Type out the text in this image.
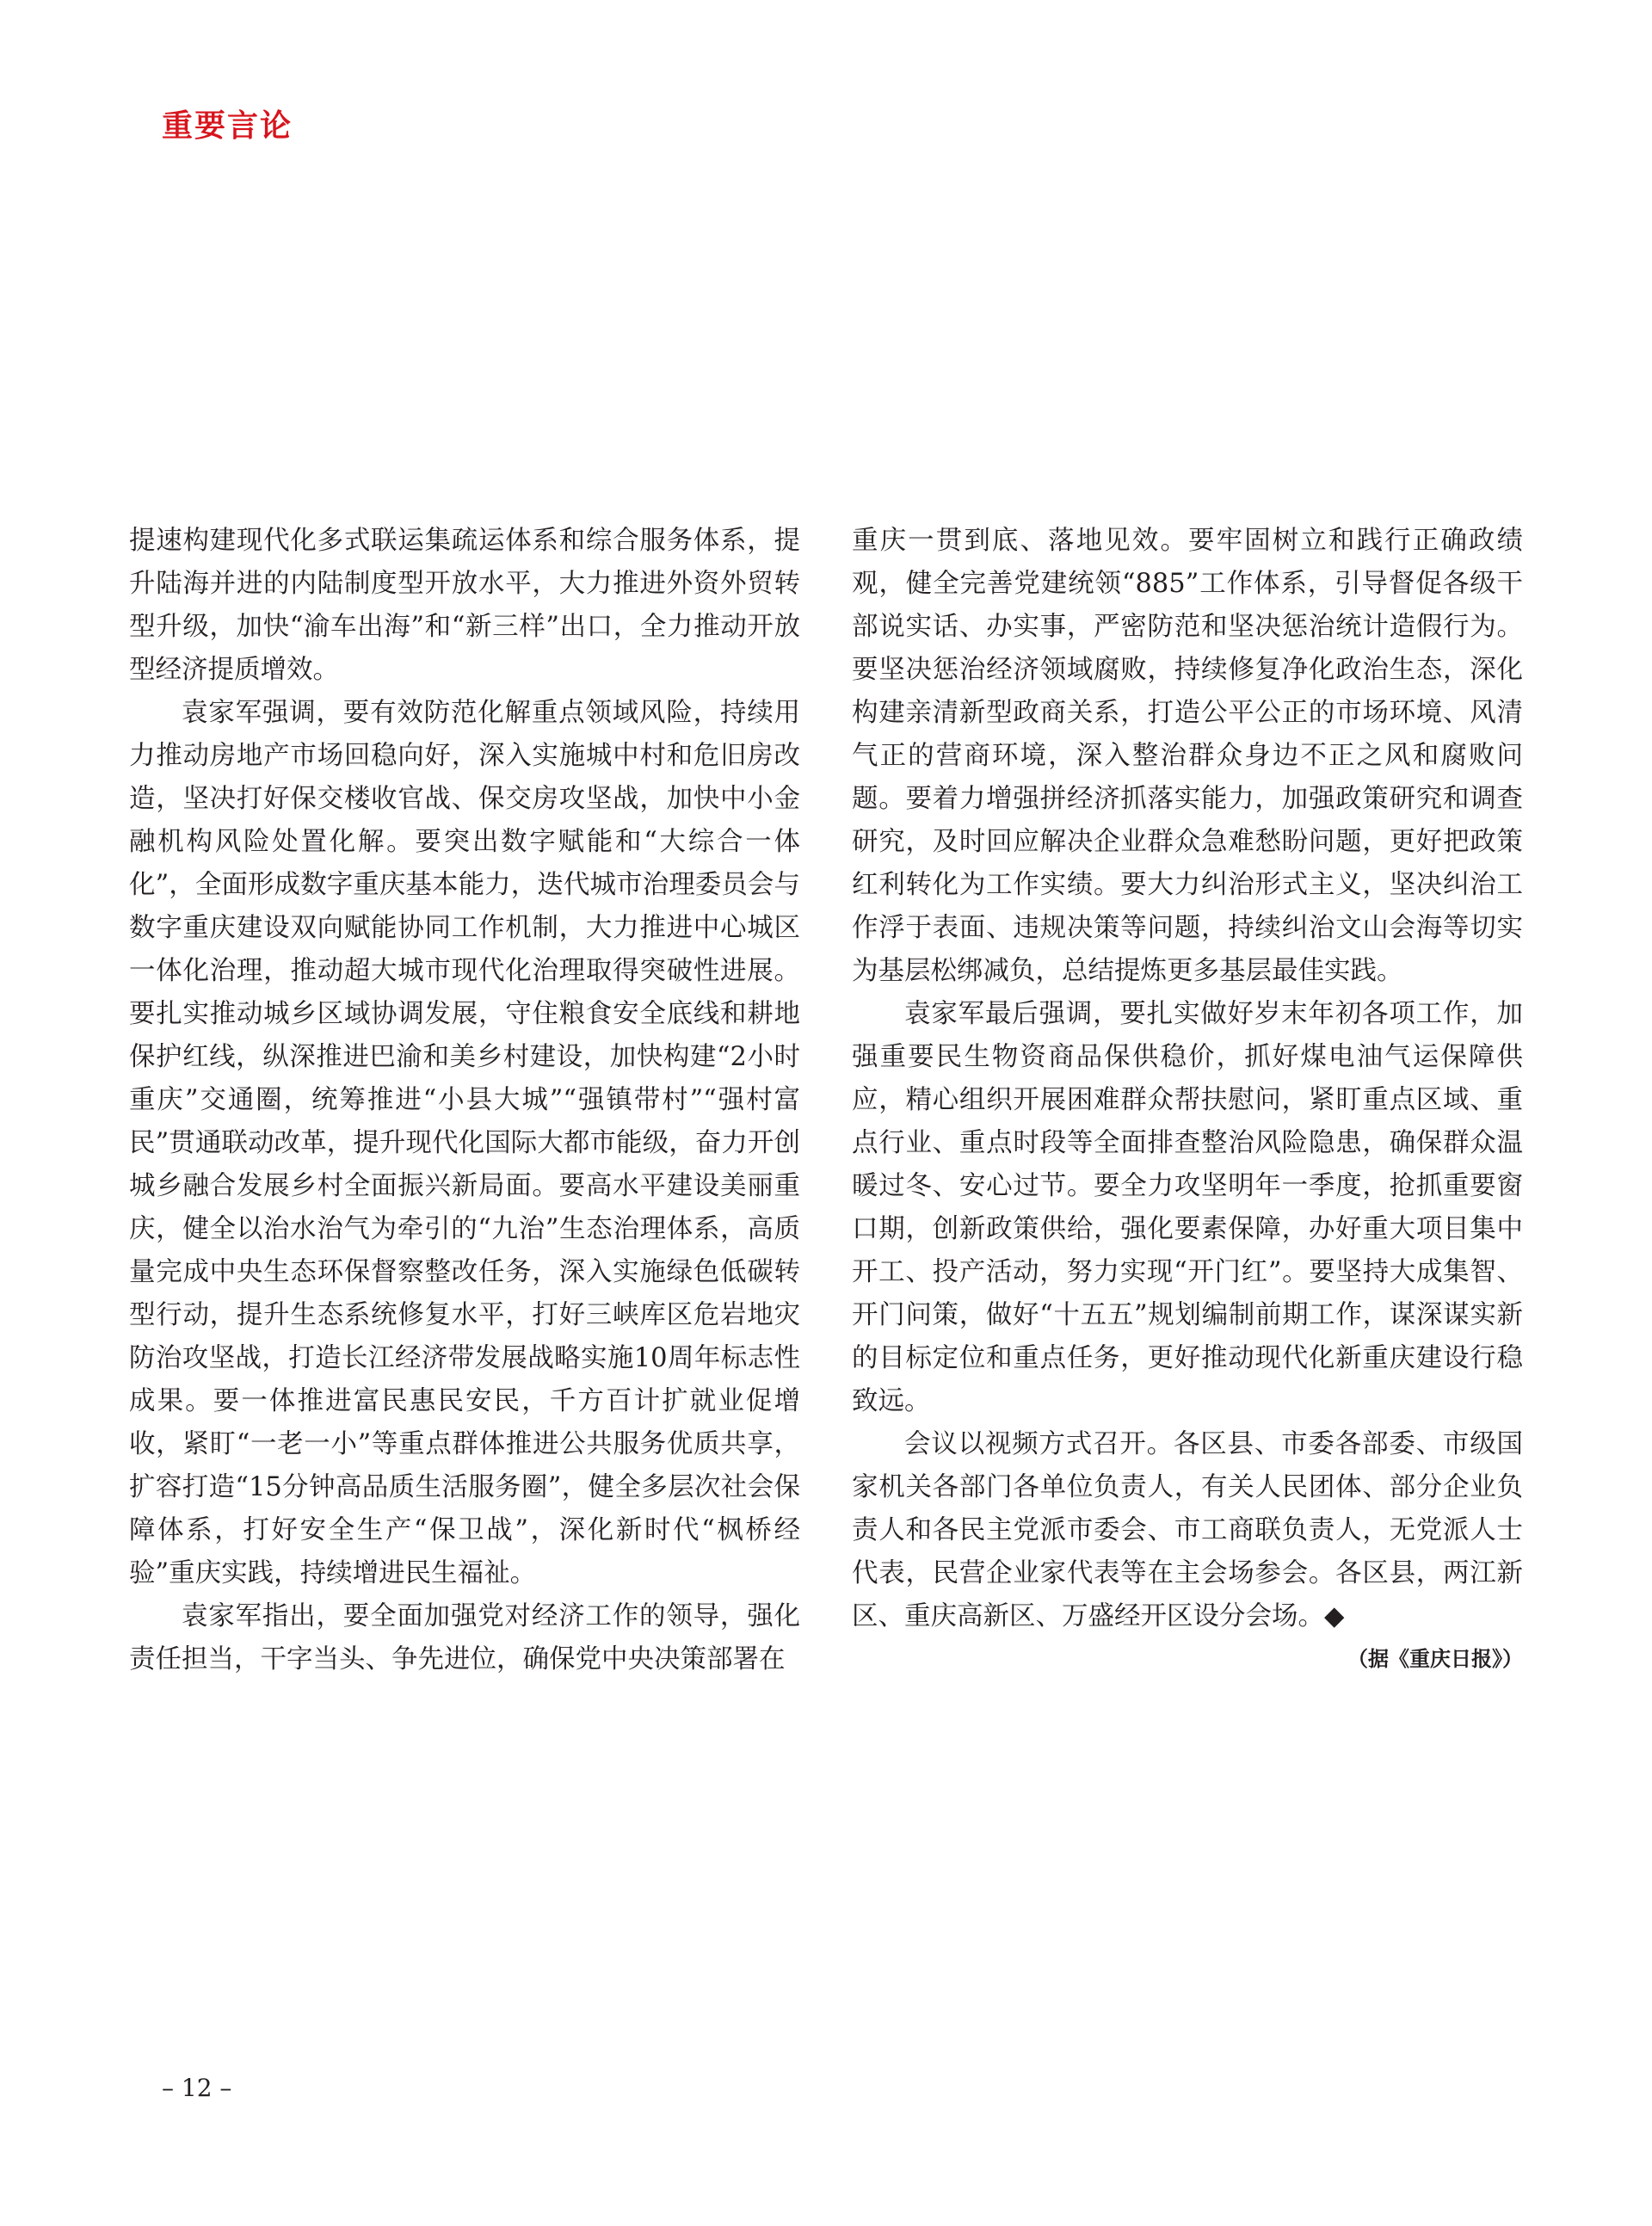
重要言论

提速构建现代化多式联运集疏运体系和综合服务体系，提升陆海并进的内陆制度型开放水平，大力推进外资外贸转型升级，加快“渝车出海”和“新三样”出口，全力推动开放型经济提质增效。

袁家军强调，要有效防范化解重点领域风险，持续用力推动房地产市场回稳向好，深入实施城中村和危旧房改造，坚决打好保交楼收官战、保交房攻坚战，加快中小金融机构风险处置化解。要突出数字赋能和“大综合一体化”，全面形成数字重庆基本能力，迭代城市治理委员会与数字重庆建设双向赋能协同工作机制，大力推进中心城区一体化治理，推动超大城市现代化治理取得突破性进展。要扎实推动城乡区域协调发展，守住粮食安全底线和耕地保护红线，纵深推进巴渝和美乡村建设，加快构建“2小时重庆”交通圈，统筹推进“小县大城”“强镇带村”“强村富民”贯通联动改革，提升现代化国际大都市能级，奋力开创城乡融合发展乡村全面振兴新局面。要高水平建设美丽重庆，健全以治水治气为牵引的“九治”生态治理体系，高质量完成中央生态环保督察整改任务，深入实施绿色低碳转型行动，提升生态系统修复水平，打好三峡库区危岩地灾防治攻坚战，打造长江经济带发展战略实施10周年标志性成果。要一体推进富民惠民安民，千方百计扩就业促增收，紧盯“一老一小”等重点群体推进公共服务优质共享，扩容打造“15分钟高品质生活服务圈”，健全多层次社会保障体系，打好安全生产“保卫战”，深化新时代“枫桥经验”重庆实践，持续增进民生福祉。

袁家军指出，要全面加强党对经济工作的领导，强化责任担当，干字当头、争先进位，确保党中央决策部署在

重庆一贯到底、落地见效。要牢固树立和践行正确政绩观，健全完善党建统领“885”工作体系，引导督促各级干部说实话、办实事，严密防范和坚决惩治统计造假行为。要坚决惩治经济领域腐败，持续修复净化政治生态，深化构建亲清新型政商关系，打造公平公正的市场环境、风清气正的营商环境，深入整治群众身边不正之风和腐败问题。要着力增强拼经济抓落实能力，加强政策研究和调查研究，及时回应解决企业群众急难愁盼问题，更好把政策红利转化为工作实绩。要大力纠治形式主义，坚决纠治工作浮于表面、违规决策等问题，持续纠治文山会海等切实为基层松绑减负，总结提炼更多基层最佳实践。

袁家军最后强调，要扎实做好岁末年初各项工作，加强重要民生物资商品保供稳价，抓好煤电油气运保障供应，精心组织开展困难群众帮扶慰问，紧盯重点区域、重点行业、重点时段等全面排查整治风险隐患，确保群众温暖过冬、安心过节。要全力攻坚明年一季度，抢抓重要窗口期，创新政策供给，强化要素保障，办好重大项目集中开工、投产活动，努力实现“开门红”。要坚持大成集智、开门问策，做好“十五五”规划编制前期工作，谋深谋实新的目标定位和重点任务，更好推动现代化新重庆建设行稳致远。

会议以视频方式召开。各区县、市委各部委、市级国家机关各部门各单位负责人，有关人民团体、部分企业负责人和各民主党派市委会、市工商联负责人，无党派人士代表，民营企业家代表等在主会场参会。各区县，两江新区、重庆高新区、万盛经开区设分会场。◆

（据《重庆日报》）

– 12 –
